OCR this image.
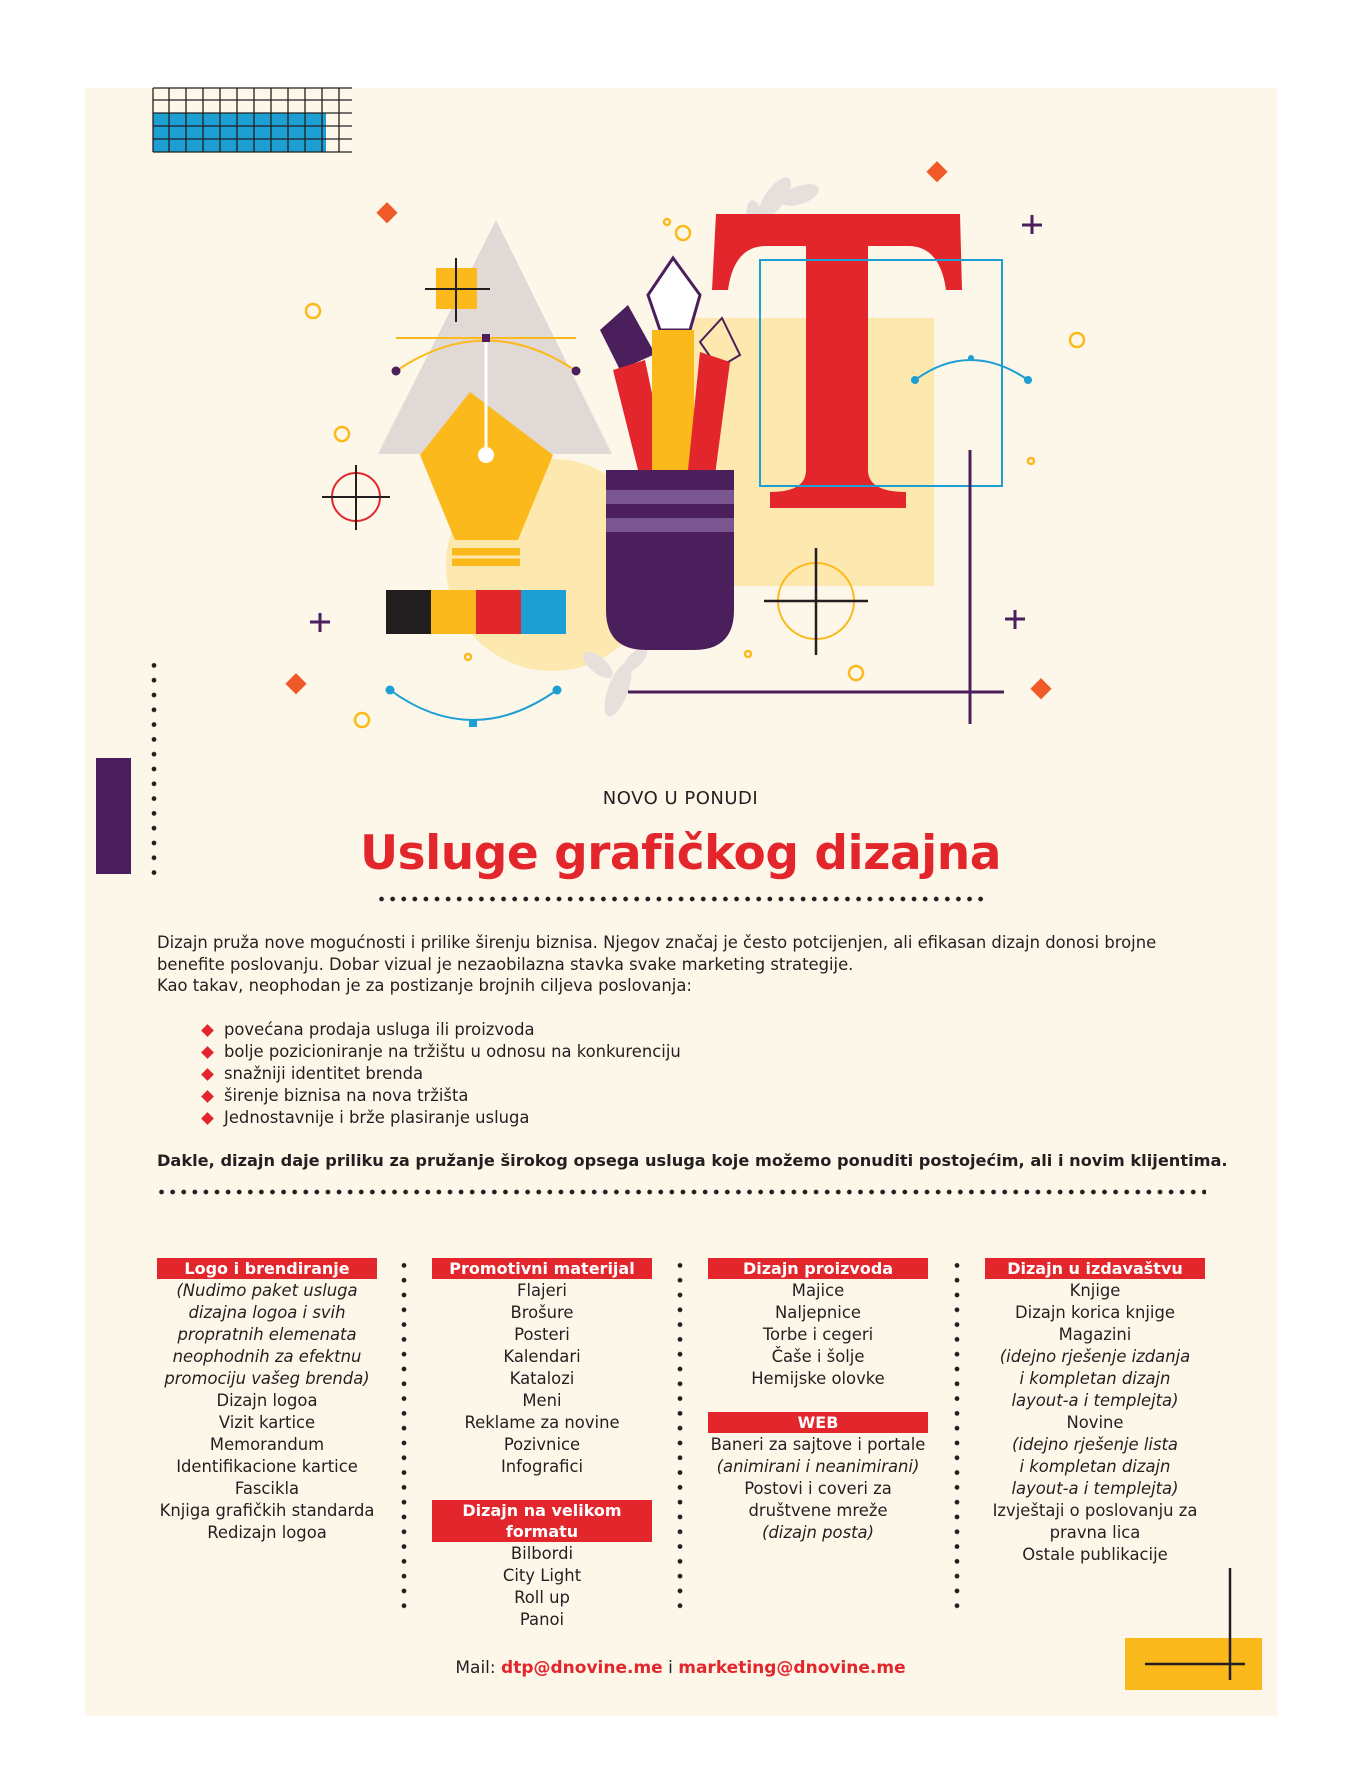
NOVO U PONUDI
Usluge grafičkog dizajna

Dizajn pruža nove mogućnosti i prilike širenju biznisa. Njegov značaj je često potcijenjen, ali efikasan dizajn donosi brojne

benefite poslovanju. Dobar vizual je nezaobilazna stavka svake marketing strategije.

Kao takav, neophodan je za postizanje brojnih ciljeva poslovanja:

povećana prodaja usluga ili proizvoda
bolje pozicioniranje na tržištu u odnosu na konkurenciju
snažniji identitet brenda
širenje biznisa na nova tržišta
Jednostavnije i brže plasiranje usluga
Dakle, dizajn daje priliku za pružanje širokog opsega usluga koje možemo ponuditi postojećim, ali i novim klijentima.
Logo i brendiranje
(Nudimo paket usluga
dizajna logoa i svih
propratnih elemenata
neophodnih za efektnu
promociju vašeg brenda)
Dizajn logoa
Vizit kartice
Memorandum
Identifikacione kartice
Fascikla
Knjiga grafičkih standarda
Redizajn logoa
Promotivni materijal
Flajeri
Brošure
Posteri
Kalendari
Katalozi
Meni
Reklame za novine
Pozivnice
Infografici
Dizajn na velikom formatu
Bilbordi
City Light
Roll up
Panoi
Dizajn proizvoda
Majice
Naljepnice
Torbe i cegeri
Čaše i šolje
Hemijske olovke
WEB
Baneri za sajtove i portale
(animirani i neanimirani)
Postovi i coveri za
društvene mreže
(dizajn posta)
Dizajn u izdavaštvu
Knjige
Dizajn korica knjige
Magazini
(idejno rješenje izdanja
i kompletan dizajn
layout-a i templejta)
Novine
(idejno rješenje lista
i kompletan dizajn
layout-a i templejta)
Izvještaji o poslovanju za
pravna lica
Ostale publikacije
Mail: dtp@dnovine.me i marketing@dnovine.me
